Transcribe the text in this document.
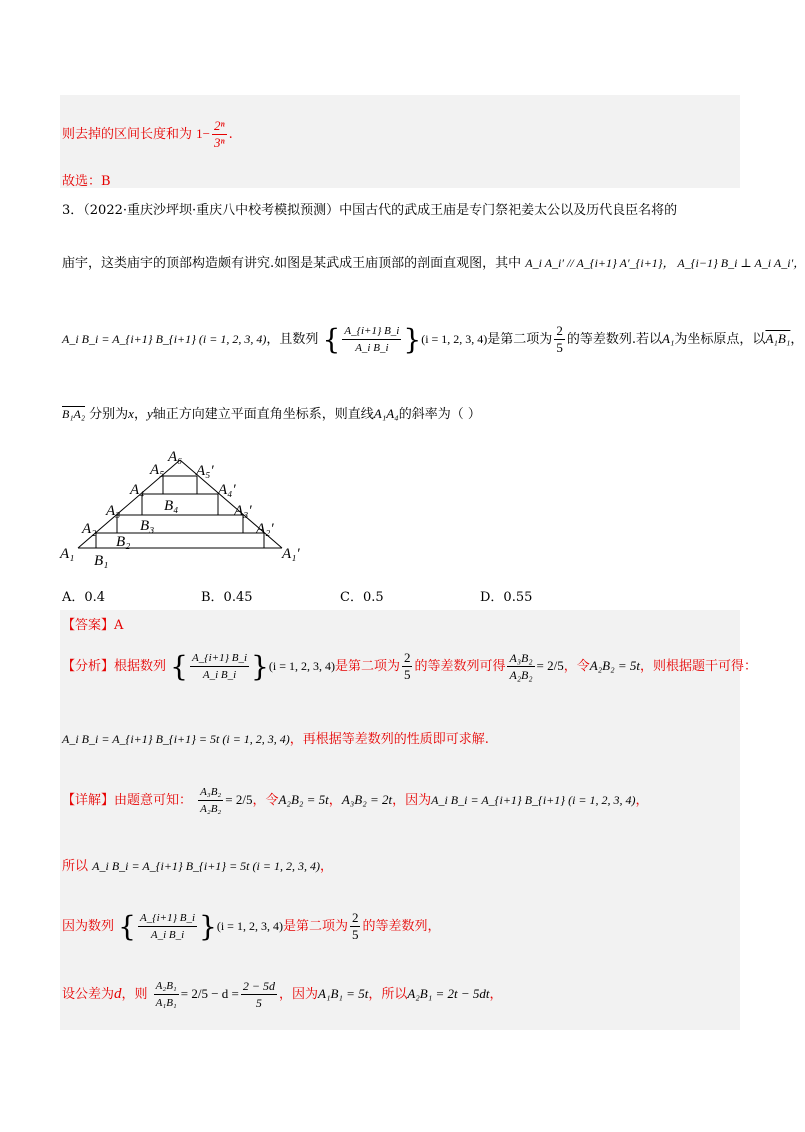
则去掉的区间长度和为 $1- \frac{\text{2ⁿ}}{\text{3ⁿ}}$ .
故选：B
3．（2022·重庆沙坪坝·重庆八中校考模拟预测）中国古代的武成王庙是专门祭祀姜太公以及历代良臣名将的
庙宇，这类庙宇的顶部构造颇有讲究.如图是某武成王庙顶部的剖面直观图，其中 A_i A_i′ // A_{i+1} A′_{i+1}， A_{i−1} B_i ⊥ A_i A_i′，
A_i B_i = A_{i+1} B_{i+1} (i = 1, 2, 3, 4)，且数列 { $\frac{A\_\{i+1\} B\_i}{\text{A\_i B\_i}} \}(i = 1$, 2, 3, 4)是第二项为 $\frac{2}{5}$ 的等差数列.若以A₁为坐标原点，以A₁B₁，
B₁A₂ 分别为x，y轴正方向建立平面直角坐标系，则直线A₁A₄的斜率为（ ）
A₆
A₅ A₅′
A₄	A₄′
A₃	A₃′
A₂	A₂′
A₁	A₁′
B₄
B₃
B₂
B₁
A．0.4	B．0.45	C．0.5	D．0.55
【答案】A
【分析】根据数列 { $\frac{A\_\{i+1\} B\_i}{\text{A\_i B\_i}} \}(i = 1$, 2, 3, 4)是第二项为 $\frac{2}{5}$ 的等差数列可得 $\frac{\text{A₃B₂}}{\text{A₂B₂}} = 2/5$，令A₂B₂ = 5t，则根据题干可得：
A_i B_i = A_{i+1} B_{i+1} = 5t (i = 1, 2, 3, 4)，再根据等差数列的性质即可求解.
【详解】由题意可知： $\frac{\text{A₃B₂}}{\text{A₂B₂}} = 2/5$，令A₂B₂ = 5t，A₃B₂ = 2t，因为A_i B_i = A_{i+1} B_{i+1} (i = 1, 2, 3, 4)，
所以 A_i B_i = A_{i+1} B_{i+1} = 5t (i = 1, 2, 3, 4)，
因为数列 { $\frac{A\_\{i+1\} B\_i}{\text{A\_i B\_i}} \}(i = 1$, 2, 3, 4)是第二项为 $\frac{2}{5}$ 的等差数列，
设公差为d，则 $\frac{\text{A₂B₁}}{\text{A₁B₁}} = 2/5 - d = \frac{2 - 5d}{5}$ ，因为A₁B₁ = 5t，所以A₂B₁ = 2t − 5dt，
